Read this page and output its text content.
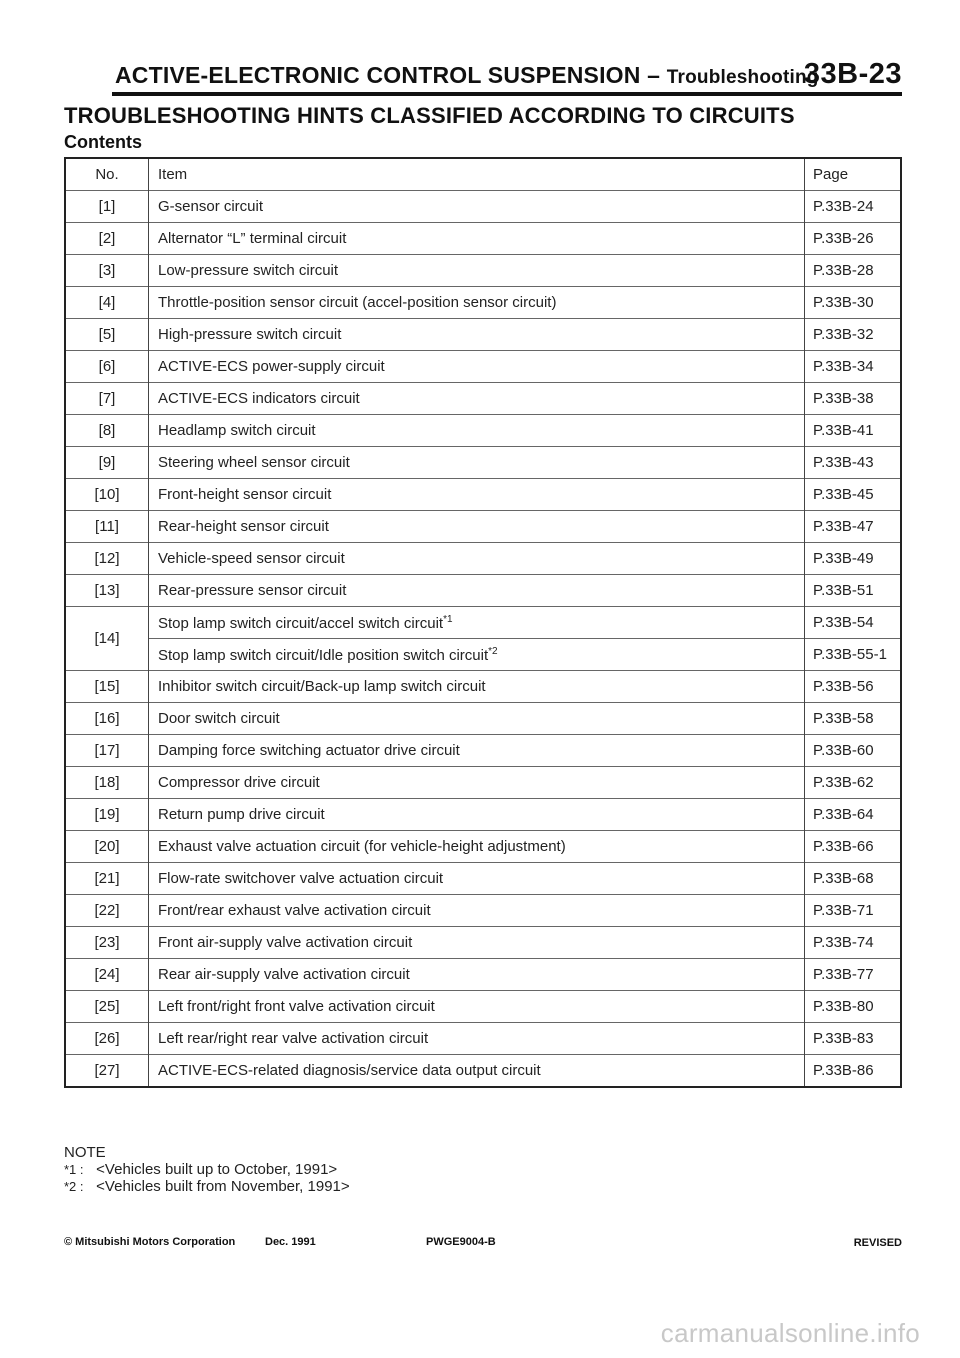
ACTIVE-ELECTRONIC CONTROL SUSPENSION – Troubleshooting
33B-23
TROUBLESHOOTING HINTS CLASSIFIED ACCORDING TO CIRCUITS
Contents
No.	Item	Page
[1]	G-sensor circuit	P.33B-24
[2]	Alternator “L” terminal circuit	P.33B-26
[3]	Low-pressure switch circuit	P.33B-28
[4]	Throttle-position sensor circuit (accel-position sensor circuit)	P.33B-30
[5]	High-pressure switch circuit	P.33B-32
[6]	ACTIVE-ECS power-supply circuit	P.33B-34
[7]	ACTIVE-ECS indicators circuit	P.33B-38
[8]	Headlamp switch circuit	P.33B-41
[9]	Steering wheel sensor circuit	P.33B-43
[10]	Front-height sensor circuit	P.33B-45
[11]	Rear-height sensor circuit	P.33B-47
[12]	Vehicle-speed sensor circuit	P.33B-49
[13]	Rear-pressure sensor circuit	P.33B-51
[14]	Stop lamp switch circuit/accel switch circuit$^{*1}$	P.33B-54
	Stop lamp switch circuit/Idle position switch circuit$^{*2}$	P.33B-55-1
[15]	Inhibitor switch circuit/Back-up lamp switch circuit	P.33B-56
[16]	Door switch circuit	P.33B-58
[17]	Damping force switching actuator drive circuit	P.33B-60
[18]	Compressor drive circuit	P.33B-62
[19]	Return pump drive circuit	P.33B-64
[20]	Exhaust valve actuation circuit (for vehicle-height adjustment)	P.33B-66
[21]	Flow-rate switchover valve actuation circuit	P.33B-68
[22]	Front/rear exhaust valve activation circuit	P.33B-71
[23]	Front air-supply valve activation circuit	P.33B-74
[24]	Rear air-supply valve activation circuit	P.33B-77
[25]	Left front/right front valve activation circuit	P.33B-80
[26]	Left rear/right rear valve activation circuit	P.33B-83
[27]	ACTIVE-ECS-related diagnosis/service data output circuit	P.33B-86
NOTE
*1 : <Vehicles built up to October, 1991>
*2 : <Vehicles built from November, 1991>
© Mitsubishi Motors Corporation	Dec. 1991	PWGE9004-B	REVISED
carmanualsonline.info
